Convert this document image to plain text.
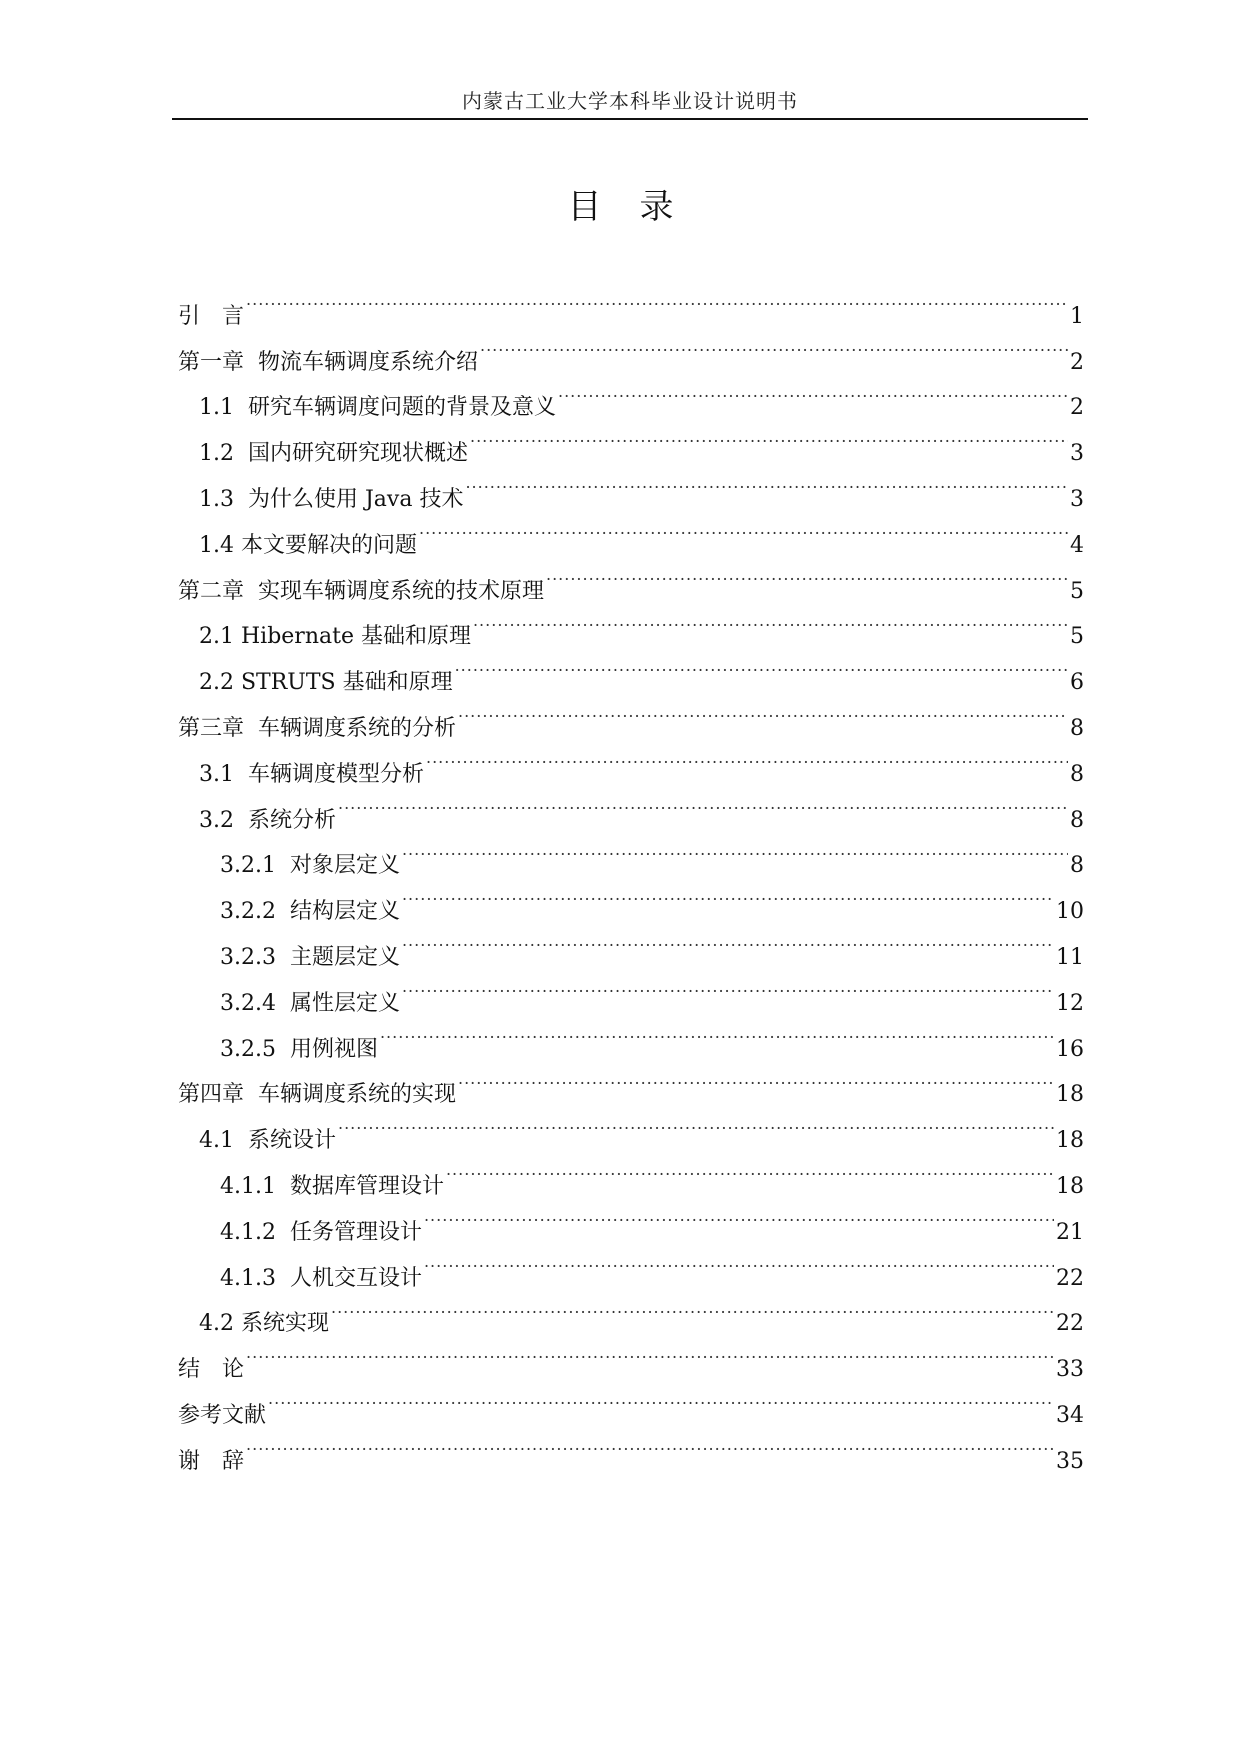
内蒙古工业大学本科毕业设计说明书
目录
引　言 .....	1
第一章  物流车辆调度系统介绍 .....	2
1.1  研究车辆调度问题的背景及意义 .....	2
1.2  国内研究研究现状概述 .....	3
1.3  为什么使用 Java 技术 .....	3
1.4 本文要解决的问题 .....	4
第二章  实现车辆调度系统的技术原理 .....	5
2.1 Hibernate 基础和原理 .....	5
2.2 STRUTS 基础和原理 .....	6
第三章  车辆调度系统的分析 .....	8
3.1  车辆调度模型分析 .....	8
3.2  系统分析 .....	8
3.2.1  对象层定义 .....	8
3.2.2  结构层定义 .....	10
3.2.3  主题层定义 .....	11
3.2.4  属性层定义 .....	12
3.2.5  用例视图 .....	16
第四章  车辆调度系统的实现 .....	18
4.1  系统设计 .....	18
4.1.1  数据库管理设计 .....	18
4.1.2  任务管理设计 .....	21
4.1.3  人机交互设计 .....	22
4.2 系统实现 .....	22
结　论 .....	33
参考文献 .....	34
谢　辞 .....	35
